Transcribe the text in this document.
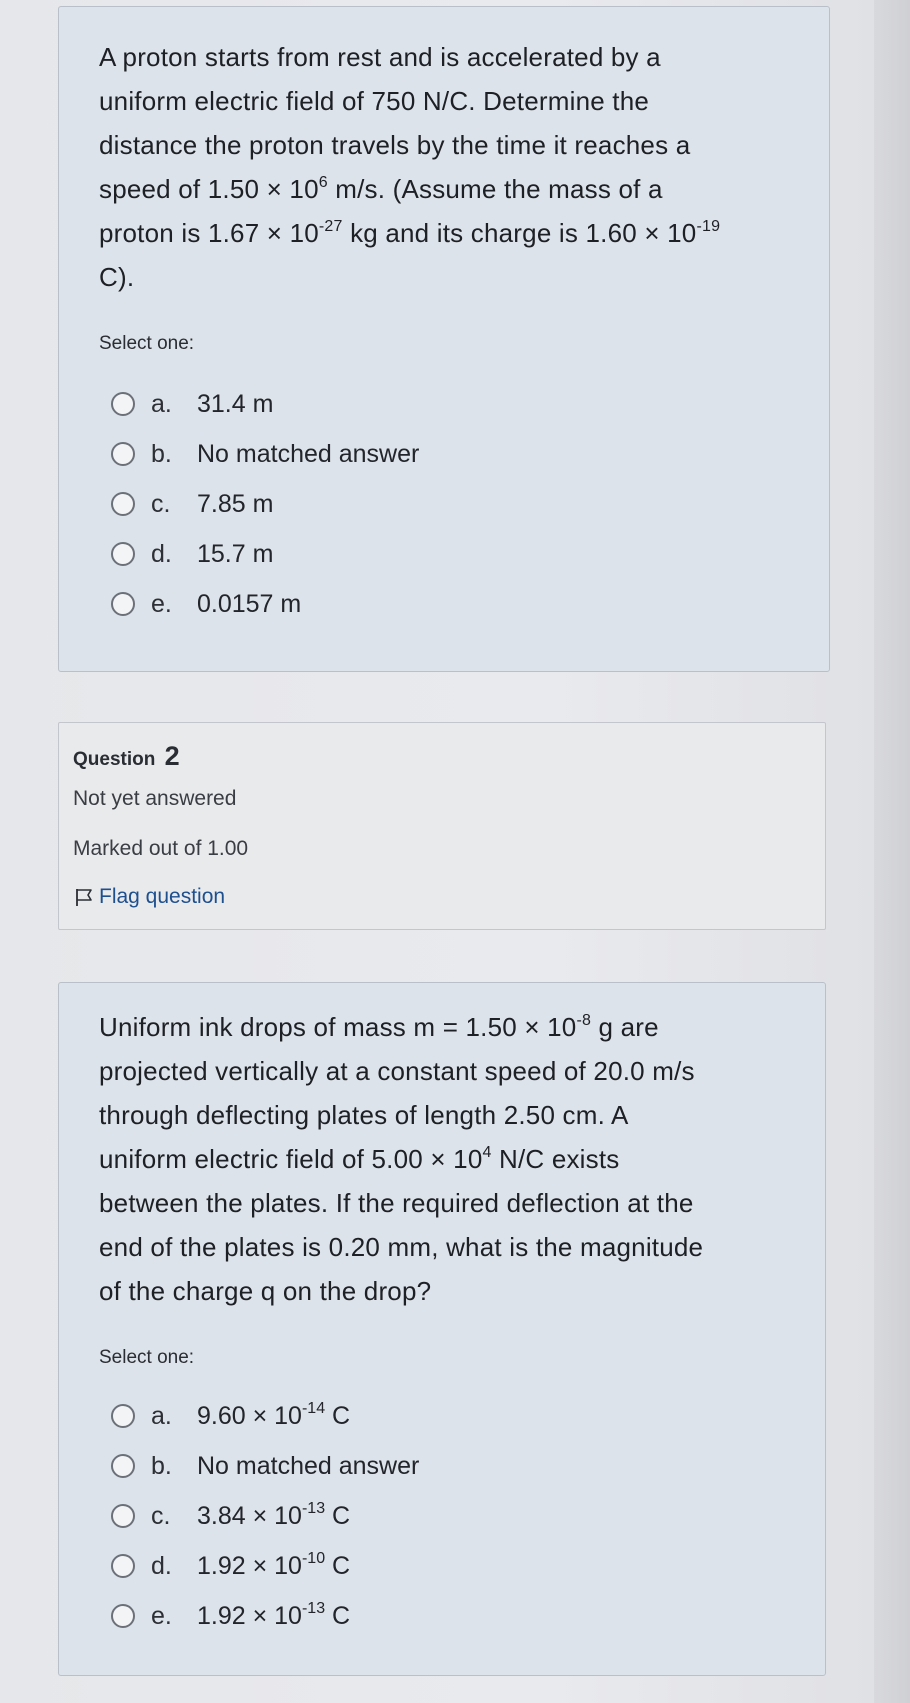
A proton starts from rest and is accelerated by a
uniform electric field of 750 N/C. Determine the
distance the proton travels by the time it reaches a
speed of $1.50 \times 10^6$ m/s. (Assume the mass of a
proton is $1.67 \times 10^{-27}$ kg and its charge is $1.60 \times 10^{-19}$
C).
Select one:
a.	31.4 m
b.	No matched answer
c.	7.85 m
d.	15.7 m
e.	0.0157 m
Question 2
Not yet answered
Marked out of 1.00
Flag question
Uniform ink drops of mass $m = 1.50 \times 10^{-8}$ g are
projected vertically at a constant speed of 20.0 m/s
through deflecting plates of length 2.50 cm. A
uniform electric field of $5.00 \times 10^4$ N/C exists
between the plates. If the required deflection at the
end of the plates is 0.20 mm, what is the magnitude
of the charge q on the drop?
Select one:
a.	$9.60 \times 10^{-14}$ C
b.	No matched answer
c.	$3.84 \times 10^{-13}$ C
d.	$1.92 \times 10^{-10}$ C
e.	$1.92 \times 10^{-13}$ C
